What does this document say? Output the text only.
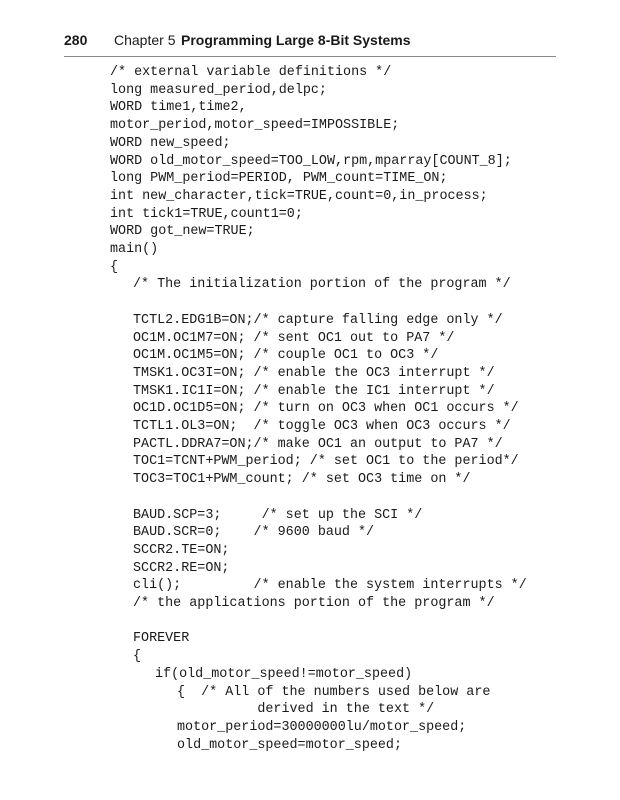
280 Chapter 5 Programming Large 8-Bit Systems
/* external variable definitions */
long measured_period,delpc;
WORD time1,time2,
motor_period,motor_speed=IMPOSSIBLE;
WORD new_speed;
WORD old_motor_speed=TOO_LOW,rpm,mparray[COUNT_8];
long PWM_period=PERIOD, PWM_count=TIME_ON;
int new_character,tick=TRUE,count=0,in_process;
int tick1=TRUE,count1=0;
WORD got_new=TRUE;
main()
{
/* The initialization portion of the program */
TCTL2.EDG1B=ON;/* capture falling edge only */
OC1M.OC1M7=ON; /* sent OC1 out to PA7 */
OC1M.OC1M5=ON; /* couple OC1 to OC3 */
TMSK1.OC3I=ON; /* enable the OC3 interrupt */
TMSK1.IC1I=ON; /* enable the IC1 interrupt */
OC1D.OC1D5=ON; /* turn on OC3 when OC1 occurs */
TCTL1.OL3=ON;  /* toggle OC3 when OC3 occurs */
PACTL.DDRA7=ON;/* make OC1 an output to PA7 */
TOC1=TCNT+PWM_period; /* set OC1 to the period*/
TOC3=TOC1+PWM_count; /* set OC3 time on */
BAUD.SCP=3;     /* set up the SCI */
BAUD.SCR=0;    /* 9600 baud */
SCCR2.TE=ON;
SCCR2.RE=ON;
cli();         /* enable the system interrupts */
/* the applications portion of the program */
FOREVER
{
if(old_motor_speed!=motor_speed)
{  /* All of the numbers used below are
derived in the text */
motor_period=30000000lu/motor_speed;
old_motor_speed=motor_speed;
